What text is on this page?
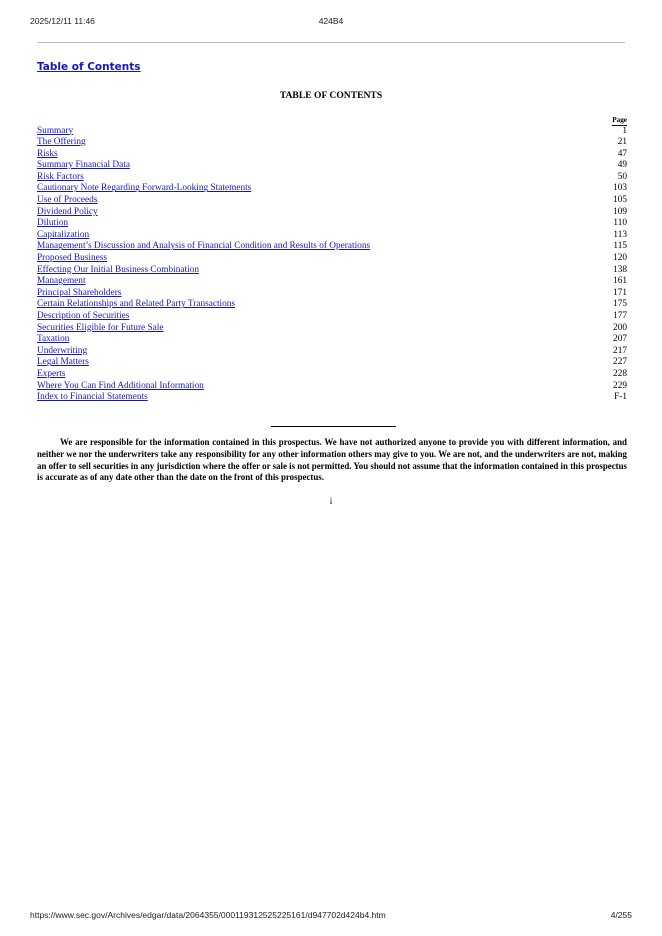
2025/12/11 11:46	424B4
Table of Contents
TABLE OF CONTENTS
Page
Summary	1
The Offering	21
Risks	47
Summary Financial Data	49
Risk Factors	50
Cautionary Note Regarding Forward-Looking Statements	103
Use of Proceeds	105
Dividend Policy	109
Dilution	110
Capitalization	113
Management’s Discussion and Analysis of Financial Condition and Results of Operations	115
Proposed Business	120
Effecting Our Initial Business Combination	138
Management	161
Principal Shareholders	171
Certain Relationships and Related Party Transactions	175
Description of Securities	177
Securities Eligible for Future Sale	200
Taxation	207
Underwriting	217
Legal Matters	227
Experts	228
Where You Can Find Additional Information	229
Index to Financial Statements	F-1

We are responsible for the information contained in this prospectus. We have not authorized anyone to provide you with different information, and neither we nor the underwriters take any responsibility for any other information others may give to you. We are not, and the underwriters are not, making an offer to sell securities in any jurisdiction where the offer or sale is not permitted. You should not assume that the information contained in this prospectus is accurate as of any date other than the date on the front of this prospectus.

i
https://www.sec.gov/Archives/edgar/data/2064355/000119312525225161/d947702d424b4.htm	4/255
